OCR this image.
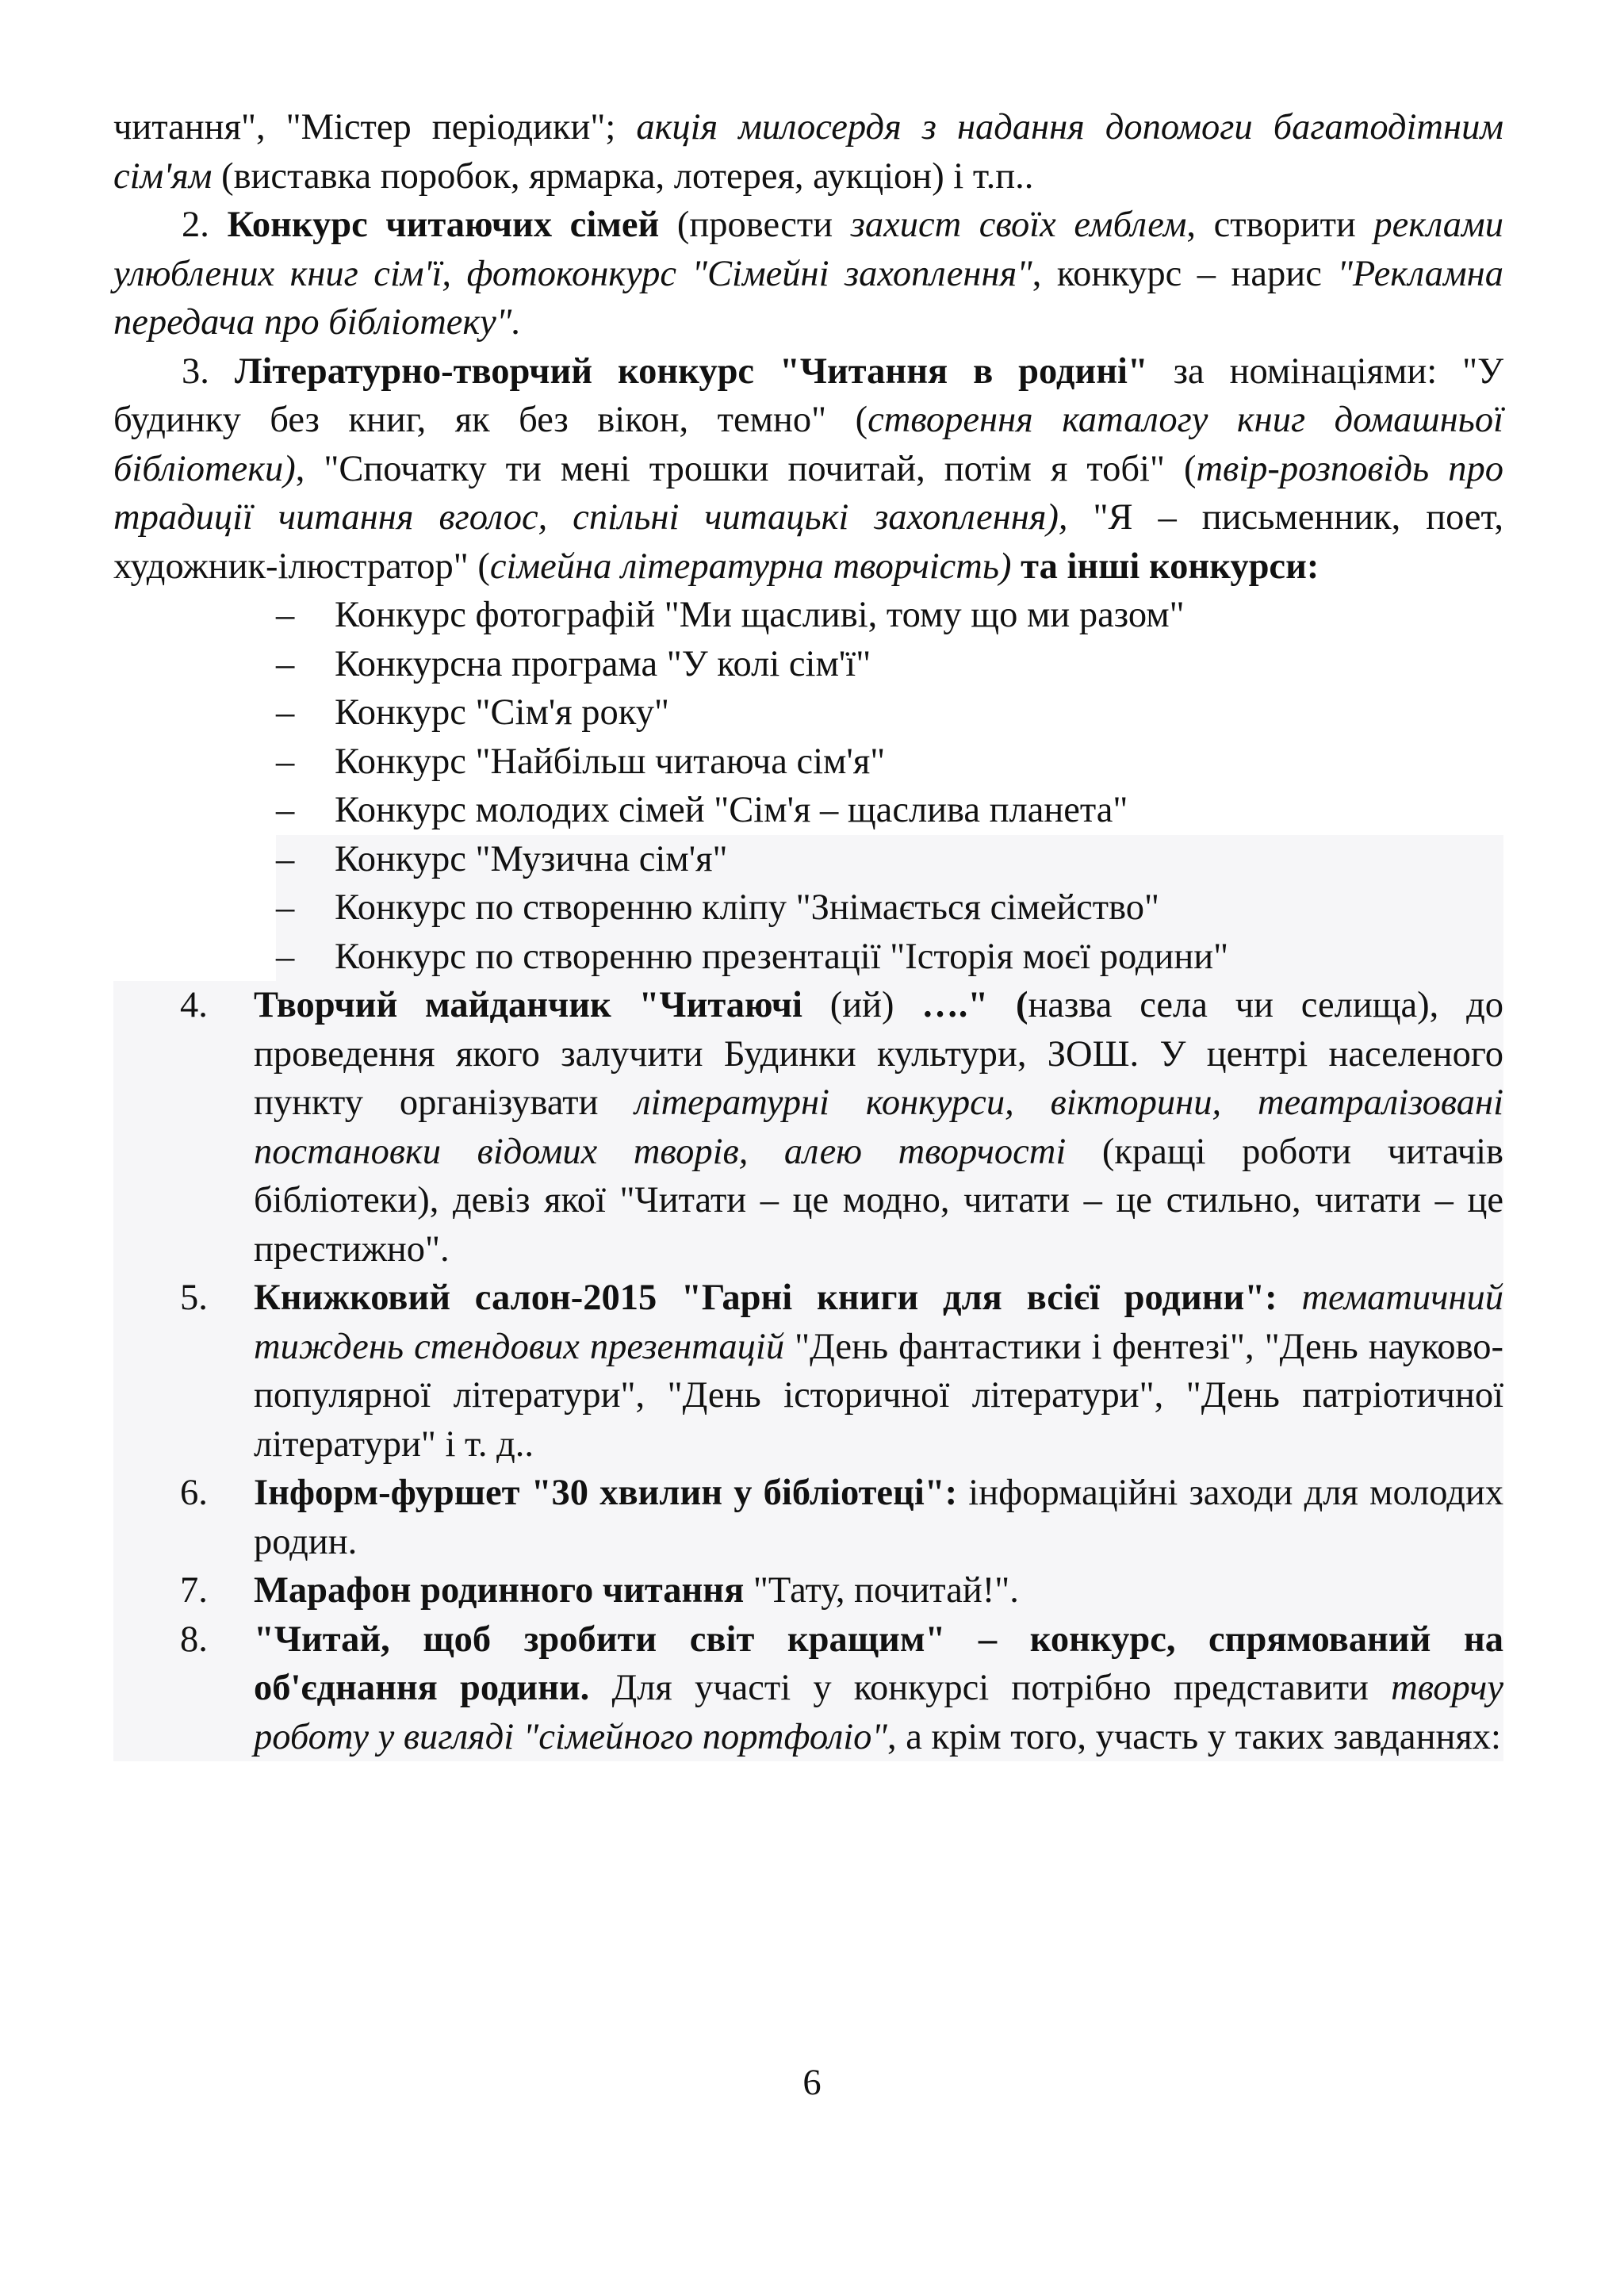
читання", "Містер періодики"; акція милосердя з надання допомоги багатодітним сім'ям (виставка поробок, ярмарка, лотерея, аукціон) і т.п..

2. Конкурс читаючих сімей (провести захист своїх емблем, створити реклами улюблених книг сім'ї, фотоконкурс "Сімейні захоплення", конкурс – нарис "Рекламна передача про бібліотеку".

3. Літературно-творчий конкурс "Читання в родині" за номінаціями: "У будинку без книг, як без вікон, темно" (створення каталогу книг домашньої бібліотеки), "Спочатку ти мені трошки почитай, потім я тобі" (твір-розповідь про традиції читання вголос, спільні читацькі захоплення), "Я – письменник, поет, художник-ілюстратор" (сімейна літературна творчість) та інші конкурси:

– Конкурс фотографій "Ми щасливі, тому що ми разом"
– Конкурсна програма "У колі сім'ї"
– Конкурс "Сім'я року"
– Конкурс "Найбільш читаюча сім'я"
– Конкурс молодих сімей "Сім'я – щаслива планета"
– Конкурс "Музична сім'я"
– Конкурс по створенню кліпу "Знімається сімейство"
– Конкурс по створенню презентації "Історія моєї родини"
4. Творчий майданчик "Читаючі (ий) …." (назва села чи селища), до проведення якого залучити Будинки культури, ЗОШ. У центрі населеного пункту організувати літературні конкурси, вікторини, театралізовані постановки відомих творів, алею творчості (кращі роботи читачів бібліотеки), девіз якої "Читати – це модно, читати – це стильно, читати – це престижно".
5. Книжковий салон-2015 "Гарні книги для всієї родини": тематичний тиждень стендових презентацій "День фантастики і фентезі", "День науково-популярної літератури", "День історичної літератури", "День патріотичної літератури" і т. д..
6. Інформ-фуршет "30 хвилин у бібліотеці": інформаційні заходи для молодих родин.
7. Марафон родинного читання "Тату, почитай!".
8. "Читай, щоб зробити світ кращим" – конкурс, спрямований на об'єднання родини. Для участі у конкурсі потрібно представити творчу роботу у вигляді "сімейного портфоліо", а крім того, участь у таких завданнях:
6
